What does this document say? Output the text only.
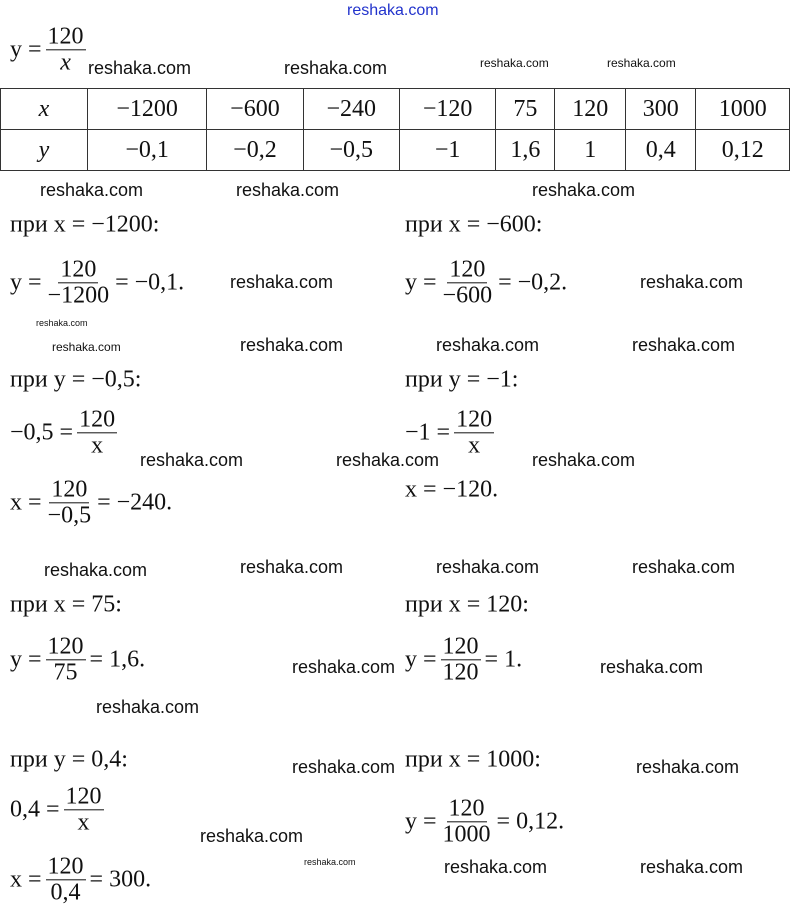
$y = \frac{120}{x}$
x	−1200	−600	−240	−120	75	120	300	1000
y	−0,1	−0,2	−0,5	−1	1,6	1	0,4	0,12
при x = −1200:
$y = \frac{120}{-1200} = -0,1$.
при x = −600:
$y = \frac{120}{-600} = -0,2$.
при y = −0,5:
$-0,5 = \frac{120}{x}$
$x = \frac{120}{-0,5} = -240$.
при y = −1:
$-1 = \frac{120}{x}$
x = −120.
при x = 75:
$y = \frac{120}{75} = 1,6$.
при x = 120:
$y = \frac{120}{120} = 1$.
при y = 0,4:
$0,4 = \frac{120}{x}$
$x = \frac{120}{0,4} = 300$.
при x = 1000:
$y = \frac{120}{1000} = 0,12$.
reshaka.com
reshaka.com	reshaka.com	reshaka.com	reshaka.com
reshaka.com	reshaka.com	reshaka.com
reshaka.com
reshaka.com	reshaka.com
reshaka.com	reshaka.com	reshaka.com	reshaka.com
reshaka.com	reshaka.com	reshaka.com
reshaka.com	reshaka.com	reshaka.com
reshaka.com
reshaka.com	reshaka.com
reshaka.com
reshaka.com	reshaka.com
reshaka.com
reshaka.com	reshaka.com	reshaka.com
